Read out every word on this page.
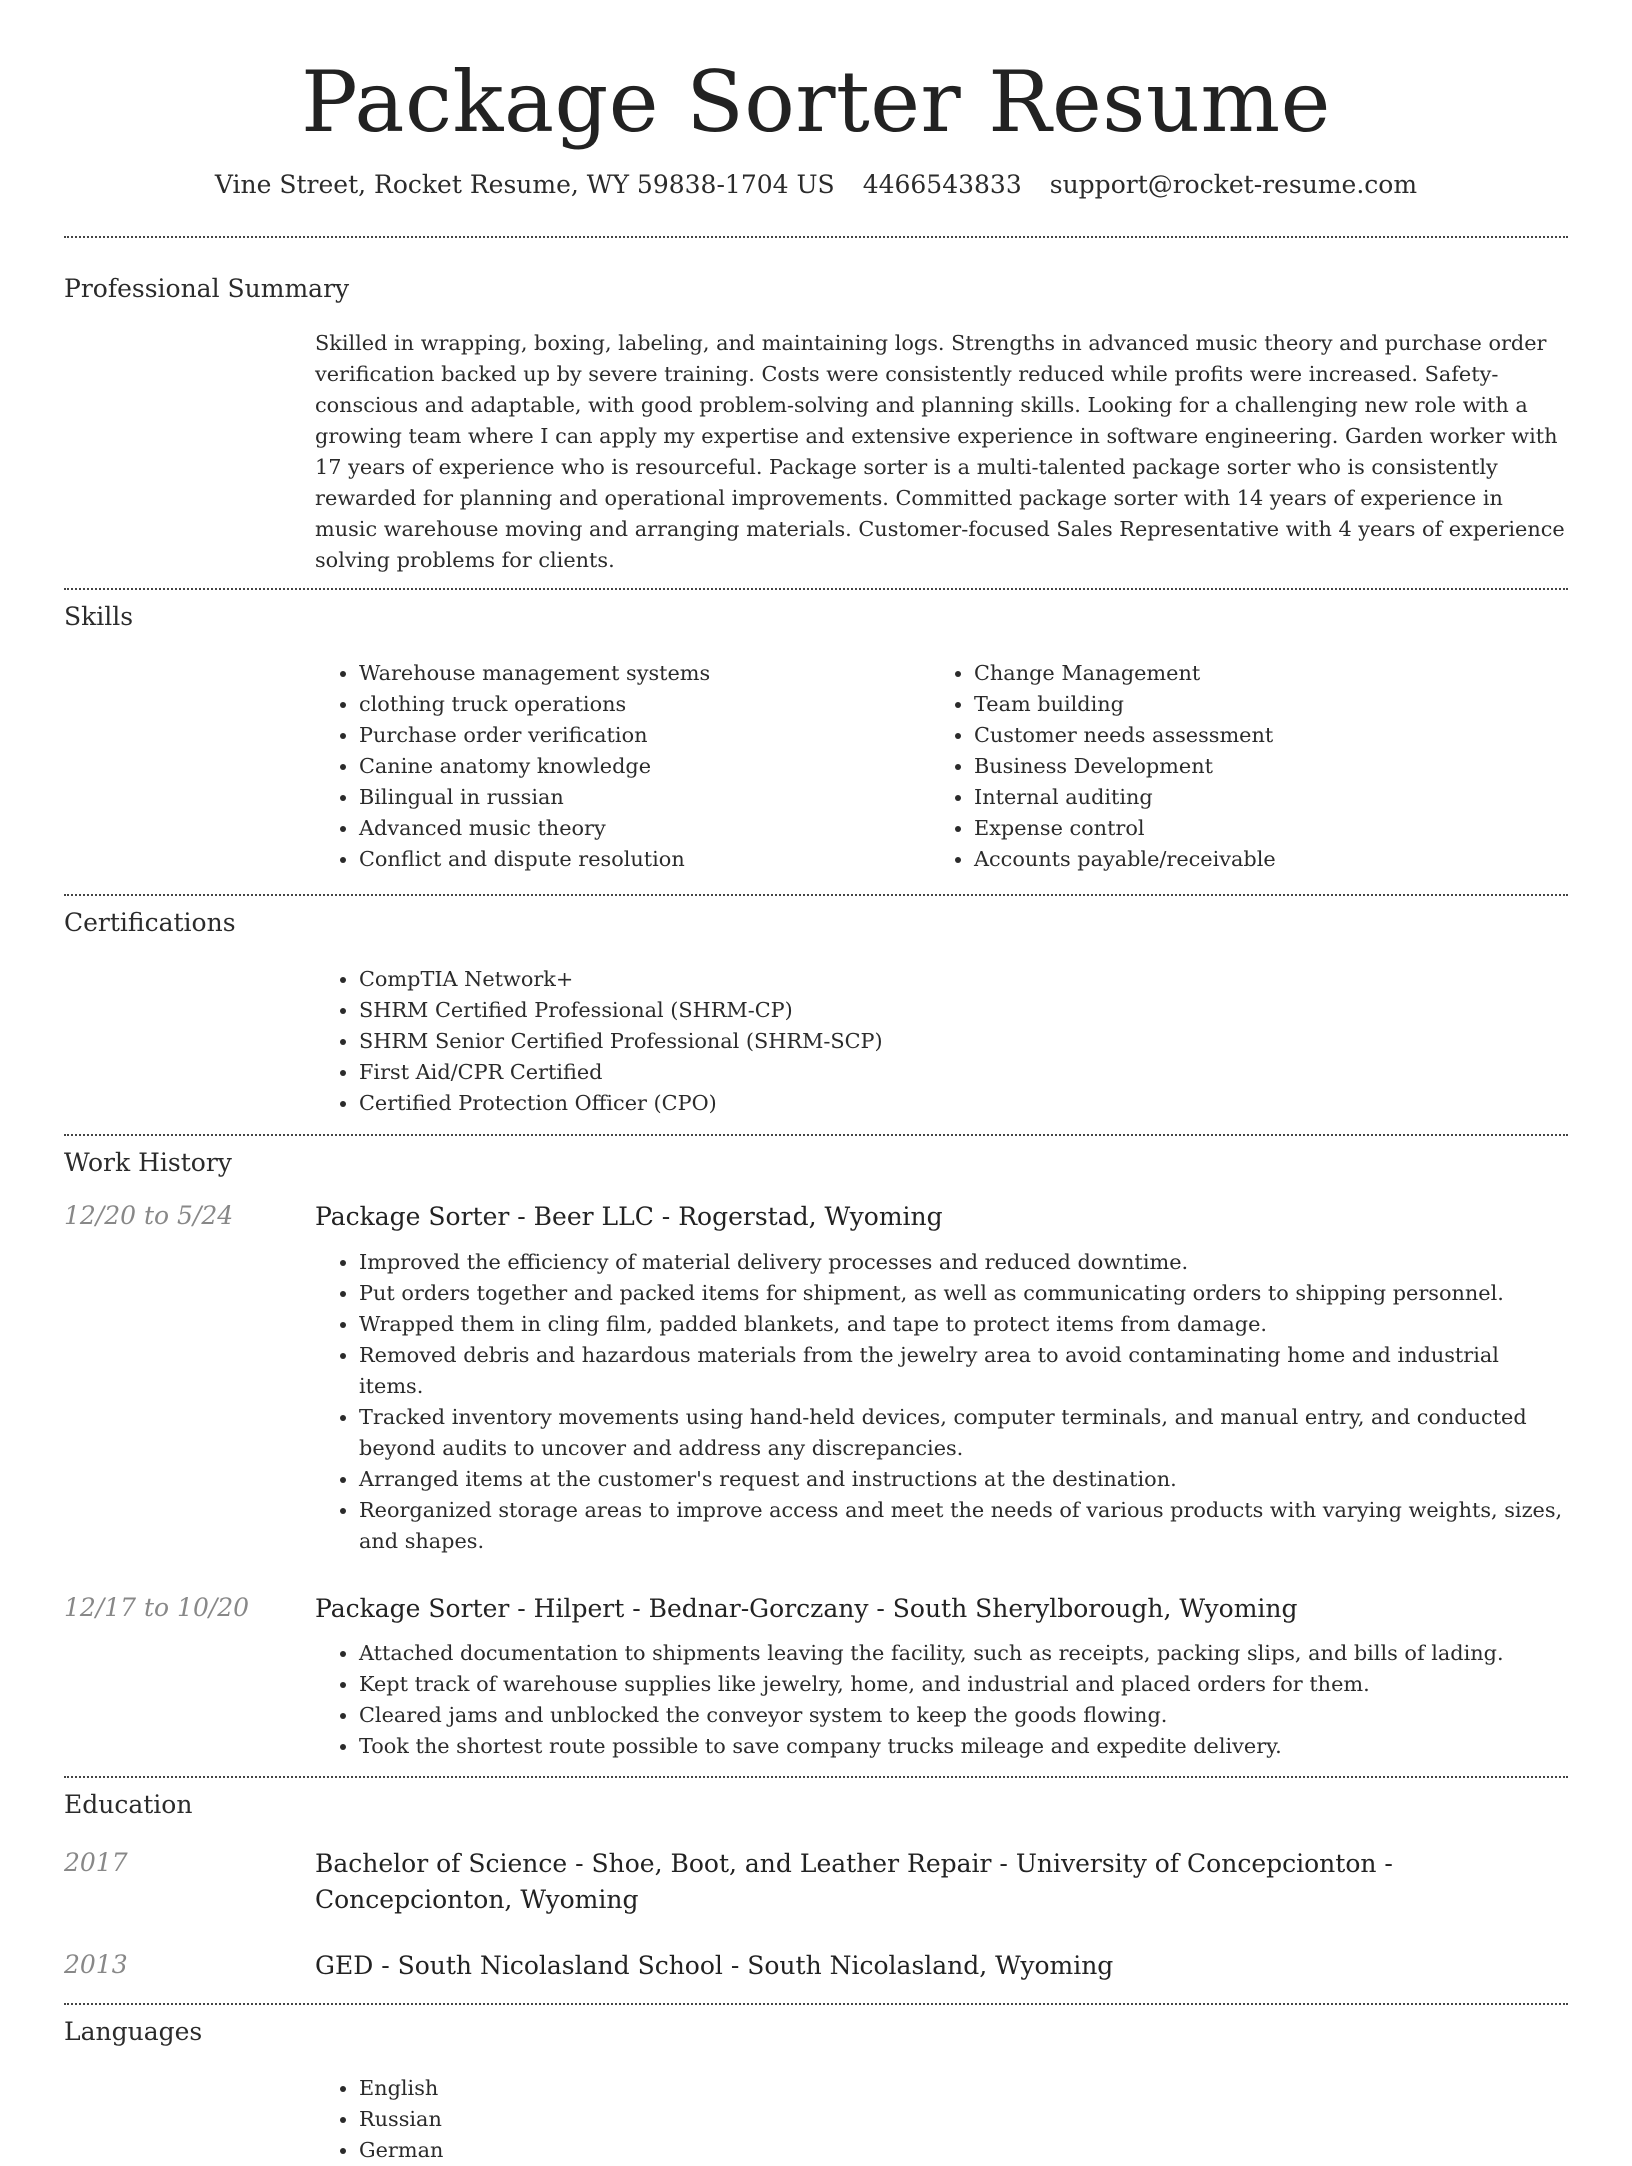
Package Sorter Resume
Vine Street, Rocket Resume, WY 59838-1704 US 4466543833 support@rocket-resume.com
Professional Summary

Skilled in wrapping, boxing, labeling, and maintaining logs. Strengths in advanced music theory and purchase order verification backed up by severe training. Costs were consistently reduced while profits were increased. Safety-conscious and adaptable, with good problem-solving and planning skills. Looking for a challenging new role with a growing team where I can apply my expertise and extensive experience in software engineering. Garden worker with 17 years of experience who is resourceful. Package sorter is a multi-talented package sorter who is consistently rewarded for planning and operational improvements. Committed package sorter with 14 years of experience in music warehouse moving and arranging materials. Customer-focused Sales Representative with 4 years of experience solving problems for clients.

Skills
• Warehouse management systems
• clothing truck operations
• Purchase order verification
• Canine anatomy knowledge
• Bilingual in russian
• Advanced music theory
• Conflict and dispute resolution
• Change Management
• Team building
• Customer needs assessment
• Business Development
• Internal auditing
• Expense control
• Accounts payable/receivable
Certifications
• CompTIA Network+
• SHRM Certified Professional (SHRM-CP)
• SHRM Senior Certified Professional (SHRM-SCP)
• First Aid/CPR Certified
• Certified Protection Officer (CPO)
Work History
12/20 to 5/24	Package Sorter - Beer LLC - Rogerstad, Wyoming
• Improved the efficiency of material delivery processes and reduced downtime.
• Put orders together and packed items for shipment, as well as communicating orders to shipping personnel.
• Wrapped them in cling film, padded blankets, and tape to protect items from damage.
• Removed debris and hazardous materials from the jewelry area to avoid contaminating home and industrial items.
• Tracked inventory movements using hand-held devices, computer terminals, and manual entry, and conducted beyond audits to uncover and address any discrepancies.
• Arranged items at the customer's request and instructions at the destination.
• Reorganized storage areas to improve access and meet the needs of various products with varying weights, sizes, and shapes.
12/17 to 10/20	Package Sorter - Hilpert - Bednar-Gorczany - South Sherylborough, Wyoming
• Attached documentation to shipments leaving the facility, such as receipts, packing slips, and bills of lading.
• Kept track of warehouse supplies like jewelry, home, and industrial and placed orders for them.
• Cleared jams and unblocked the conveyor system to keep the goods flowing.
• Took the shortest route possible to save company trucks mileage and expedite delivery.
Education
2017	Bachelor of Science - Shoe, Boot, and Leather Repair - University of Concepcionton - Concepcionton, Wyoming
2013	GED - South Nicolasland School - South Nicolasland, Wyoming
Languages
• English
• Russian
• German
